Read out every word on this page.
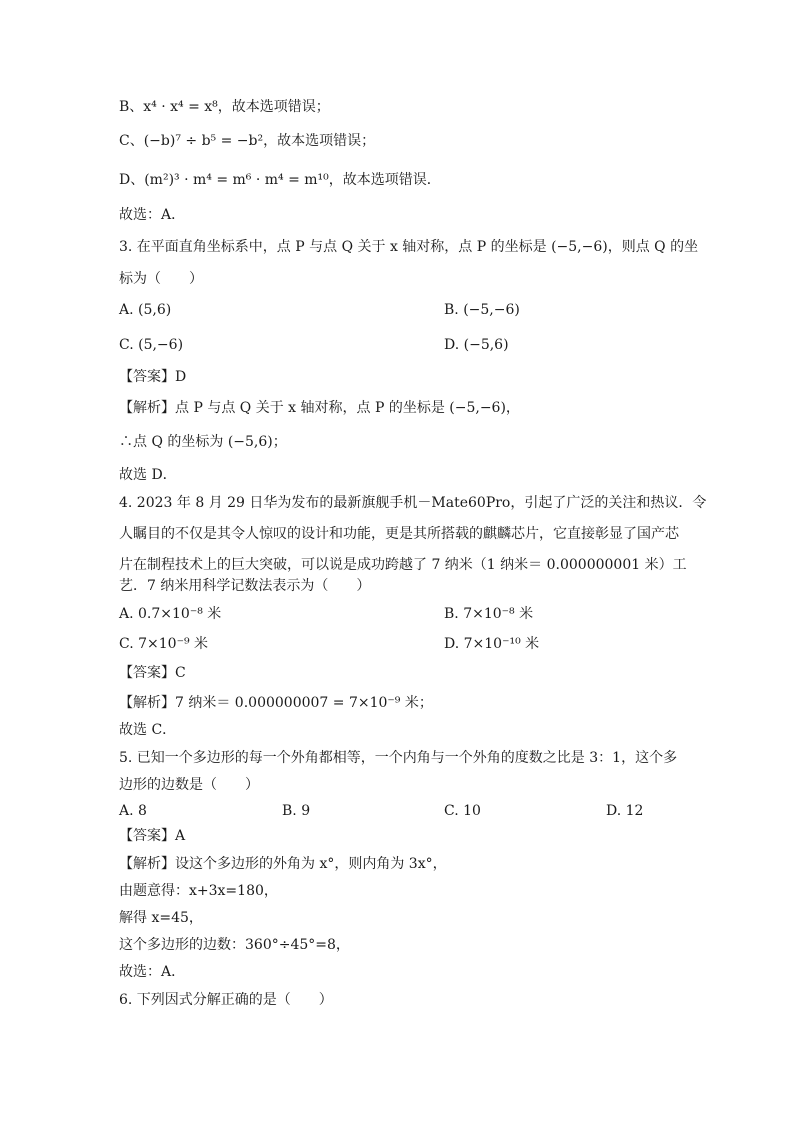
B、x⁴ · x⁴ = x⁸，故本选项错误；
C、(−b)⁷ ÷ b⁵ = −b²，故本选项错误；
D、(m²)³ · m⁴ = m⁶ · m⁴ = m¹⁰，故本选项错误．
故选：A．
3. 在平面直角坐标系中，点 P 与点 Q 关于 x 轴对称，点 P 的坐标是 (−5,−6)，则点 Q 的坐
标为（　　）
A. (5,6)	B. (−5,−6)
C. (5,−6)	D. (−5,6)
【答案】D
【解析】点 P 与点 Q 关于 x 轴对称，点 P 的坐标是 (−5,−6)，
∴点 Q 的坐标为 (−5,6)；
故选 D．
4. 2023 年 8 月 29 日华为发布的最新旗舰手机－Mate60Pro，引起了广泛的关注和热议．令
人瞩目的不仅是其令人惊叹的设计和功能，更是其所搭载的麒麟芯片，它直接彰显了国产芯
片在制程技术上的巨大突破，可以说是成功跨越了 7 纳米（1 纳米＝ 0.000000001 米）工
艺．7 纳米用科学记数法表示为（　　）
A. 0.7×10⁻⁸ 米	B. 7×10⁻⁸ 米
C. 7×10⁻⁹ 米	D. 7×10⁻¹⁰ 米
【答案】C
【解析】7 纳米＝ 0.000000007 = 7×10⁻⁹ 米；
故选 C．
5. 已知一个多边形的每一个外角都相等，一个内角与一个外角的度数之比是 3：1，这个多
边形的边数是（　　）
A. 8	B. 9	C. 10	D. 12
【答案】A
【解析】设这个多边形的外角为 x°，则内角为 3x°，
由题意得：x+3x=180，
解得 x=45，
这个多边形的边数：360°÷45°=8，
故选：A．
6. 下列因式分解正确的是（　　）
